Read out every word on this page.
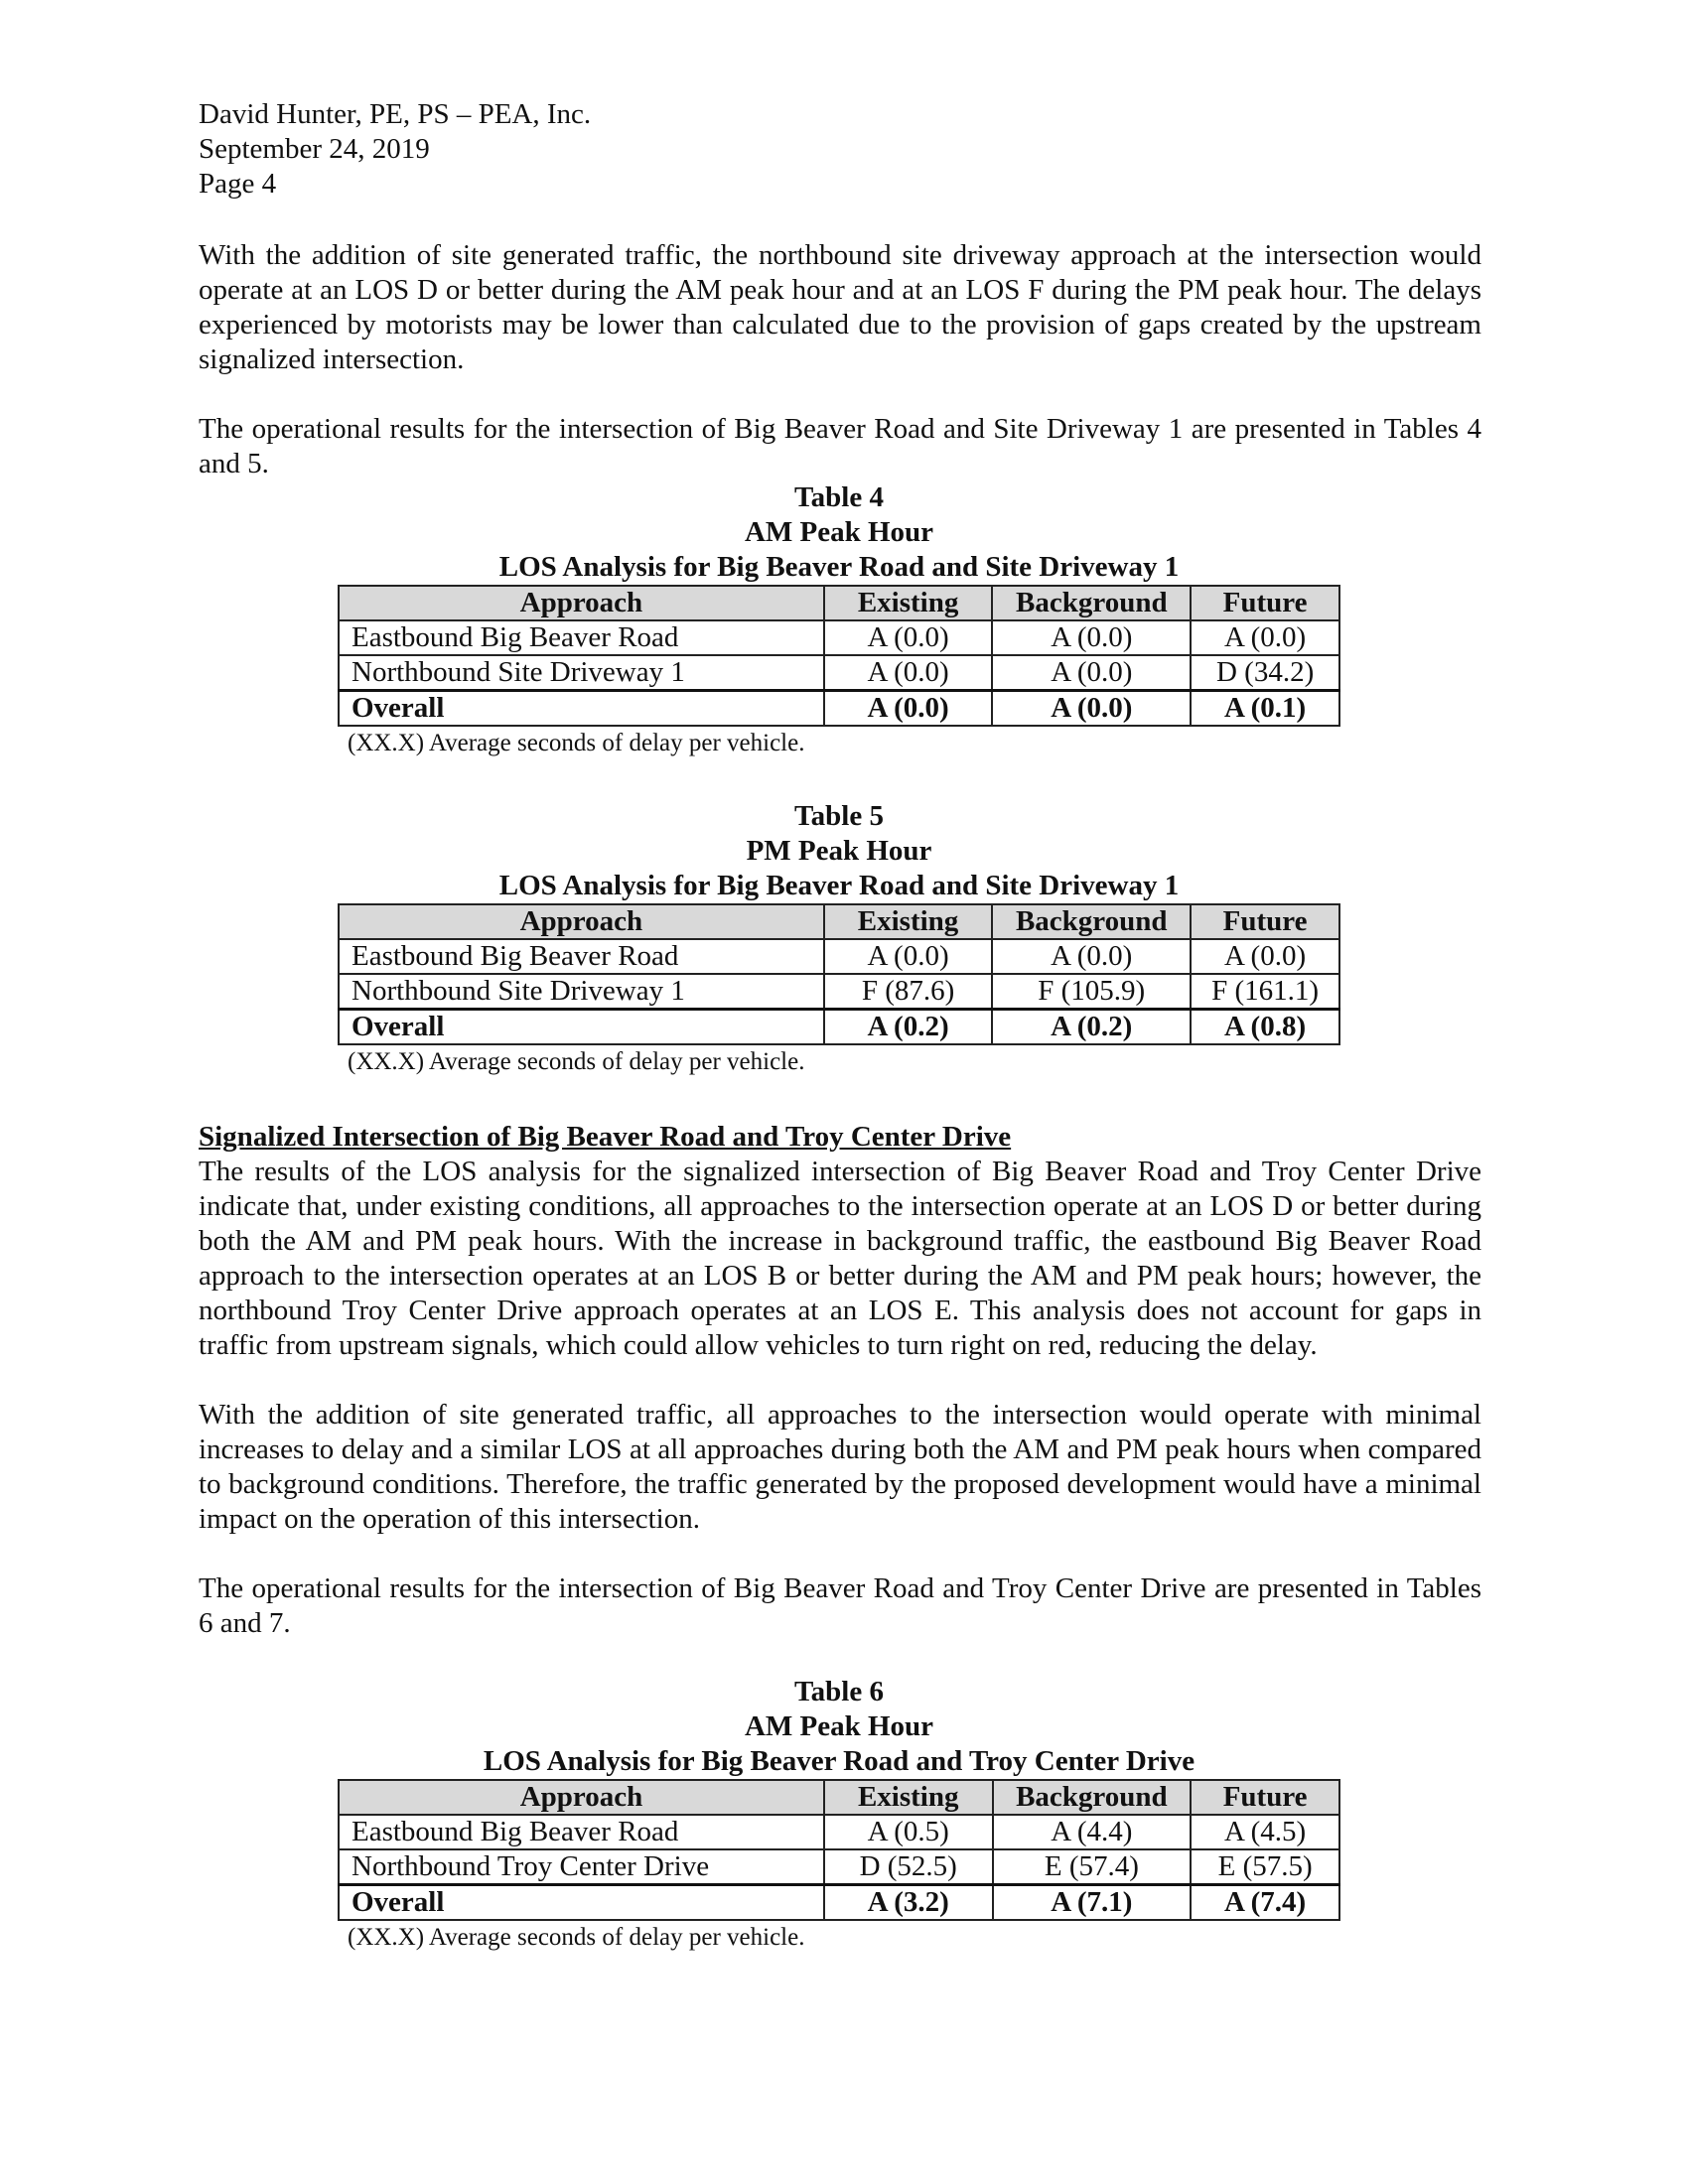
David Hunter, PE, PS – PEA, Inc.
September 24, 2019
Page 4

With the addition of site generated traffic, the northbound site driveway approach at the intersection would operate at an LOS D or better during the AM peak hour and at an LOS F during the PM peak hour. The delays experienced by motorists may be lower than calculated due to the provision of gaps created by the upstream signalized intersection.

The operational results for the intersection of Big Beaver Road and Site Driveway 1 are presented in Tables 4 and 5.

Table 4
AM Peak Hour
LOS Analysis for Big Beaver Road and Site Driveway 1
Approach	Existing	Background	Future
Eastbound Big Beaver Road	A (0.0)	A (0.0)	A (0.0)
Northbound Site Driveway 1	A (0.0)	A (0.0)	D (34.2)
Overall	A (0.0)	A (0.0)	A (0.1)
(XX.X) Average seconds of delay per vehicle.
Table 5
PM Peak Hour
LOS Analysis for Big Beaver Road and Site Driveway 1
Approach	Existing	Background	Future
Eastbound Big Beaver Road	A (0.0)	A (0.0)	A (0.0)
Northbound Site Driveway 1	F (87.6)	F (105.9)	F (161.1)
Overall	A (0.2)	A (0.2)	A (0.8)
(XX.X) Average seconds of delay per vehicle.
Signalized Intersection of Big Beaver Road and Troy Center Drive

The results of the LOS analysis for the signalized intersection of Big Beaver Road and Troy Center Drive indicate that, under existing conditions, all approaches to the intersection operate at an LOS D or better during both the AM and PM peak hours. With the increase in background traffic, the eastbound Big Beaver Road approach to the intersection operates at an LOS B or better during the AM and PM peak hours; however, the northbound Troy Center Drive approach operates at an LOS E. This analysis does not account for gaps in traffic from upstream signals, which could allow vehicles to turn right on red, reducing the delay.

With the addition of site generated traffic, all approaches to the intersection would operate with minimal increases to delay and a similar LOS at all approaches during both the AM and PM peak hours when compared to background conditions. Therefore, the traffic generated by the proposed development would have a minimal impact on the operation of this intersection.

The operational results for the intersection of Big Beaver Road and Troy Center Drive are presented in Tables 6 and 7.

Table 6
AM Peak Hour
LOS Analysis for Big Beaver Road and Troy Center Drive
Approach	Existing	Background	Future
Eastbound Big Beaver Road	A (0.5)	A (4.4)	A (4.5)
Northbound Troy Center Drive	D (52.5)	E (57.4)	E (57.5)
Overall	A (3.2)	A (7.1)	A (7.4)
(XX.X) Average seconds of delay per vehicle.
